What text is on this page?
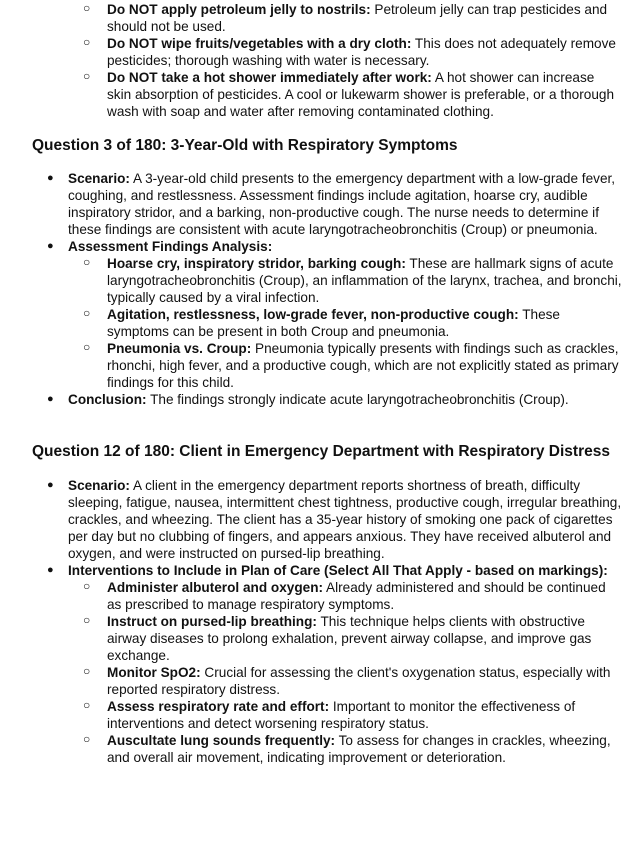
○ Do NOT apply petroleum jelly to nostrils: Petroleum jelly can trap pesticides and should not be used.
○ Do NOT wipe fruits/vegetables with a dry cloth: This does not adequately remove pesticides; thorough washing with water is necessary.
○ Do NOT take a hot shower immediately after work: A hot shower can increase skin absorption of pesticides. A cool or lukewarm shower is preferable, or a thorough wash with soap and water after removing contaminated clothing.
Question 3 of 180: 3-Year-Old with Respiratory Symptoms
● Scenario: A 3-year-old child presents to the emergency department with a low-grade fever, coughing, and restlessness. Assessment findings include agitation, hoarse cry, audible inspiratory stridor, and a barking, non-productive cough. The nurse needs to determine if these findings are consistent with acute laryngotracheobronchitis (Croup) or pneumonia.
● Assessment Findings Analysis:
○ Hoarse cry, inspiratory stridor, barking cough: These are hallmark signs of acute laryngotracheobronchitis (Croup), an inflammation of the larynx, trachea, and bronchi, typically caused by a viral infection.
○ Agitation, restlessness, low-grade fever, non-productive cough: These symptoms can be present in both Croup and pneumonia.
○ Pneumonia vs. Croup: Pneumonia typically presents with findings such as crackles, rhonchi, high fever, and a productive cough, which are not explicitly stated as primary findings for this child.
● Conclusion: The findings strongly indicate acute laryngotracheobronchitis (Croup).
Question 12 of 180: Client in Emergency Department with Respiratory Distress
● Scenario: A client in the emergency department reports shortness of breath, difficulty sleeping, fatigue, nausea, intermittent chest tightness, productive cough, irregular breathing, crackles, and wheezing. The client has a 35-year history of smoking one pack of cigarettes per day but no clubbing of fingers, and appears anxious. They have received albuterol and oxygen, and were instructed on pursed-lip breathing.
● Interventions to Include in Plan of Care (Select All That Apply - based on markings):
○ Administer albuterol and oxygen: Already administered and should be continued as prescribed to manage respiratory symptoms.
○ Instruct on pursed-lip breathing: This technique helps clients with obstructive airway diseases to prolong exhalation, prevent airway collapse, and improve gas exchange.
○ Monitor SpO2: Crucial for assessing the client's oxygenation status, especially with reported respiratory distress.
○ Assess respiratory rate and effort: Important to monitor the effectiveness of interventions and detect worsening respiratory status.
○ Auscultate lung sounds frequently: To assess for changes in crackles, wheezing, and overall air movement, indicating improvement or deterioration.
